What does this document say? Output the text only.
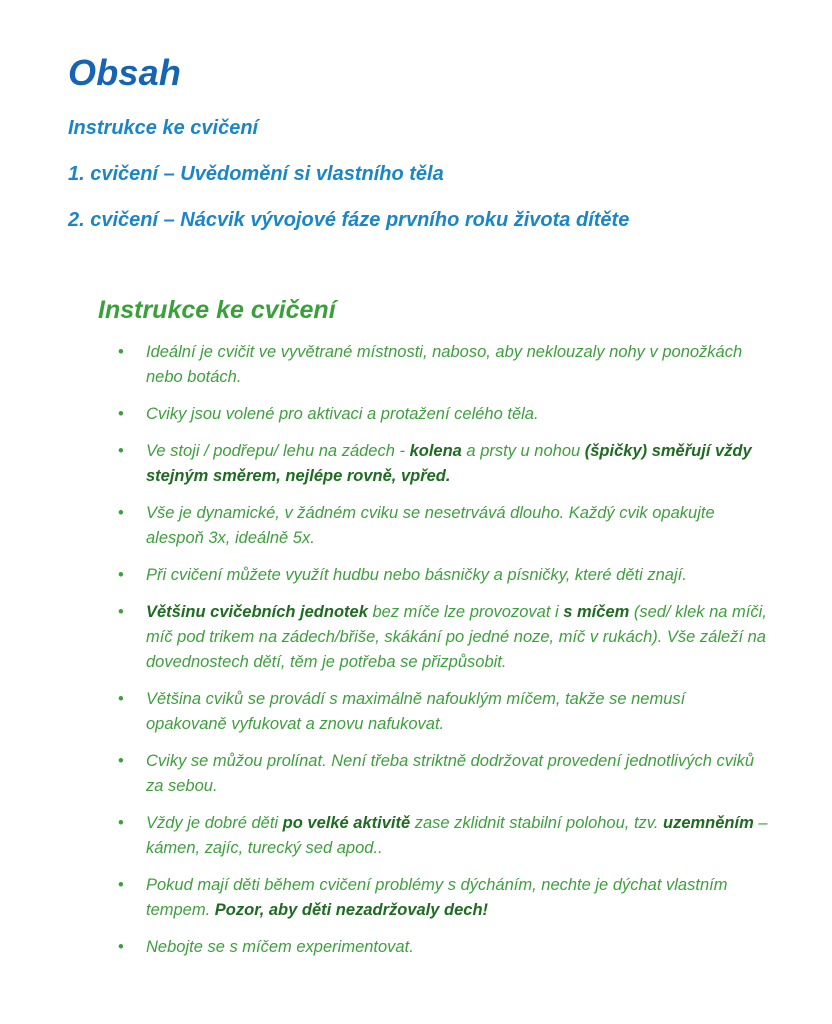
Obsah
Instrukce ke cvičení
1. cvičení – Uvědomění si vlastního těla
2. cvičení – Nácvik vývojové fáze prvního roku života dítěte
Instrukce ke cvičení
• Ideální je cvičit ve vyvětrané místnosti, naboso, aby neklouzaly nohy v ponožkách nebo botách.
• Cviky jsou volené pro aktivaci a protažení celého těla.
• Ve stoji / podřepu/ lehu na zádech - kolena a prsty u nohou (špičky) směřují vždy stejným směrem, nejlépe rovně, vpřed.
• Vše je dynamické, v žádném cviku se nesetrvává dlouho. Každý cvik opakujte alespoň 3x, ideálně 5x.
• Při cvičení můžete využít hudbu nebo básničky a písničky, které děti znají.
• Většinu cvičebních jednotek bez míče lze provozovat i s míčem (sed/ klek na míči, míč pod trikem na zádech/břiše, skákání po jedné noze, míč v rukách). Vše záleží na dovednostech dětí, těm je potřeba se přizpůsobit.
• Většina cviků se provádí s maximálně nafouklým míčem, takže se nemusí opakovaně vyfukovat a znovu nafukovat.
• Cviky se můžou prolínat. Není třeba striktně dodržovat provedení jednotlivých cviků za sebou.
• Vždy je dobré děti po velké aktivitě zase zklidnit stabilní polohou, tzv. uzemněním – kámen, zajíc, turecký sed apod..
• Pokud mají děti během cvičení problémy s dýcháním, nechte je dýchat vlastním tempem. Pozor, aby děti nezadržovaly dech!
• Nebojte se s míčem experimentovat.
